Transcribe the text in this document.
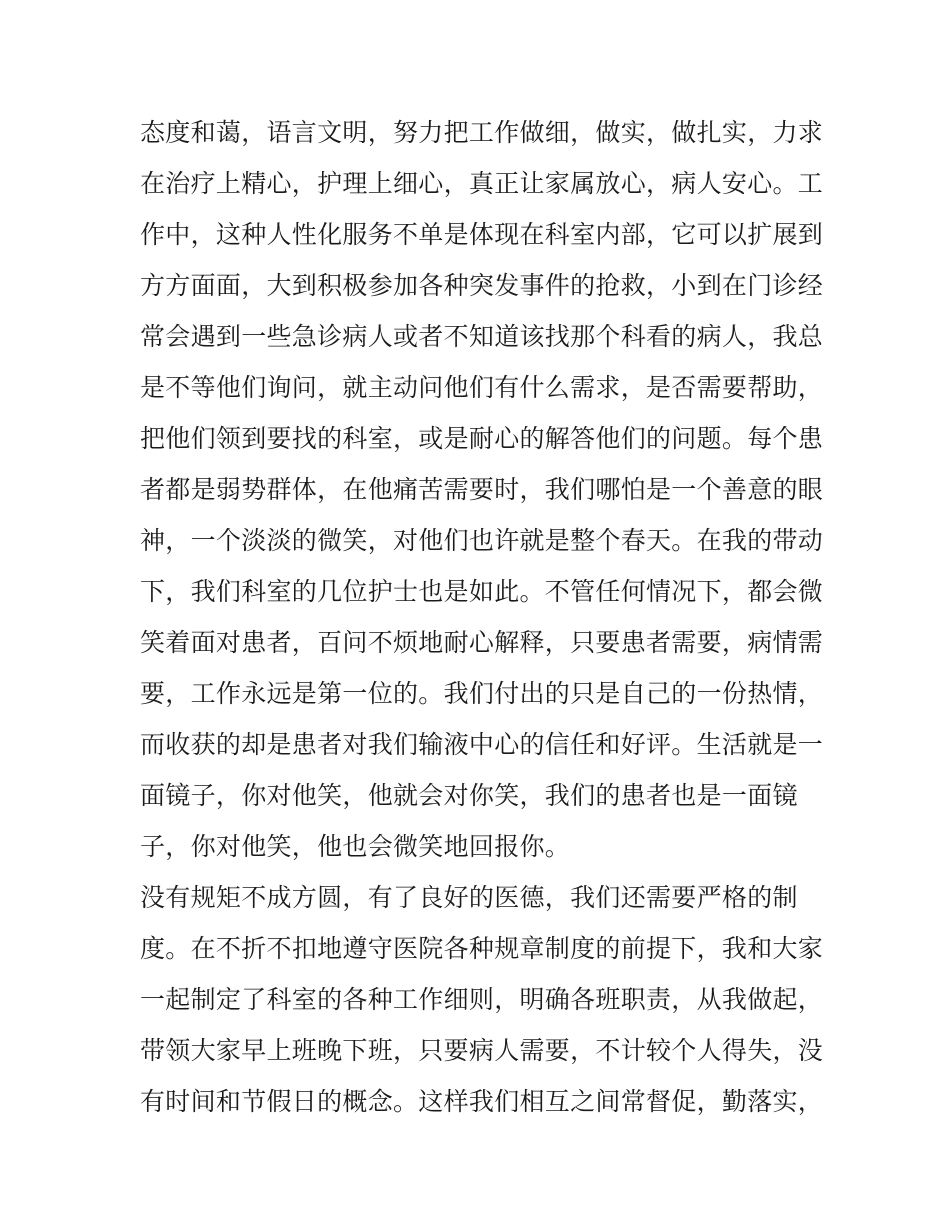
态度和蔼，语言文明，努力把工作做细，做实，做扎实，力求
在治疗上精心，护理上细心，真正让家属放心，病人安心。工
作中，这种人性化服务不单是体现在科室内部，它可以扩展到
方方面面，大到积极参加各种突发事件的抢救，小到在门诊经
常会遇到一些急诊病人或者不知道该找那个科看的病人，我总
是不等他们询问，就主动问他们有什么需求，是否需要帮助，
把他们领到要找的科室，或是耐心的解答他们的问题。每个患
者都是弱势群体，在他痛苦需要时，我们哪怕是一个善意的眼
神，一个淡淡的微笑，对他们也许就是整个春天。在我的带动
下，我们科室的几位护士也是如此。不管任何情况下，都会微
笑着面对患者，百问不烦地耐心解释，只要患者需要，病情需
要，工作永远是第一位的。我们付出的只是自己的一份热情，
而收获的却是患者对我们输液中心的信任和好评。生活就是一
面镜子，你对他笑，他就会对你笑，我们的患者也是一面镜
子，你对他笑，他也会微笑地回报你。
没有规矩不成方圆，有了良好的医德，我们还需要严格的制
度。在不折不扣地遵守医院各种规章制度的前提下，我和大家
一起制定了科室的各种工作细则，明确各班职责，从我做起，
带领大家早上班晚下班，只要病人需要，不计较个人得失，没
有时间和节假日的概念。这样我们相互之间常督促，勤落实，
